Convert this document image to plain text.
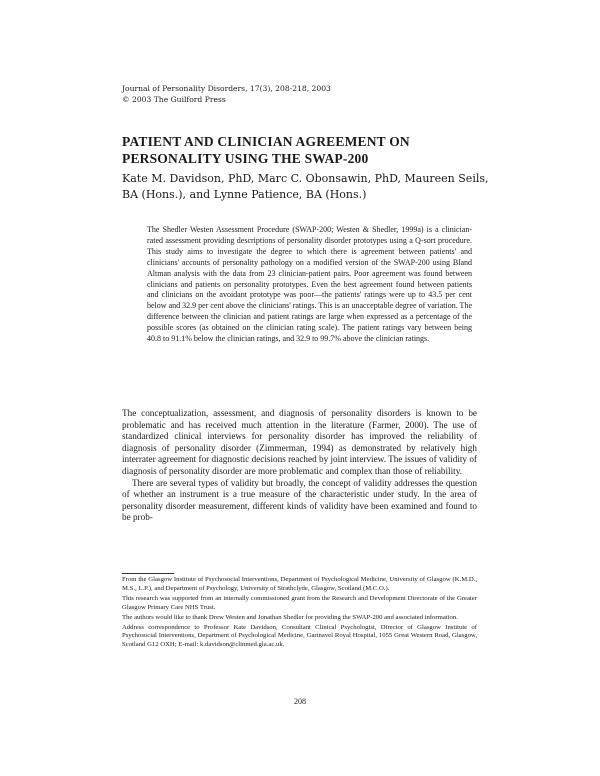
Journal of Personality Disorders, 17(3), 208-218, 2003
© 2003 The Guilford Press
PATIENT AND CLINICIAN AGREEMENT ON PERSONALITY USING THE SWAP-200
Kate M. Davidson, PhD, Marc C. Obonsawin, PhD, Maureen Seils, BA (Hons.), and Lynne Patience, BA (Hons.)
The Shedler Westen Assessment Procedure (SWAP-200; Westen & Shedler, 1999a) is a clinician-rated assessment providing descriptions of personality disorder prototypes using a Q-sort procedure. This study aims to investigate the degree to which there is agreement between patients' and clinicians' accounts of personality pathology on a modified version of the SWAP-200 using Bland Altman analysis with the data from 23 clinician-patient pairs. Poor agreement was found between clinicians and patients on personality prototypes. Even the best agreement found between patients and clinicians on the avoidant prototype was poor—the patients' ratings were up to 43.5 per cent below and 32.9 per cent above the clinicians' ratings. This is an unacceptable degree of variation. The difference between the clinician and patient ratings are large when expressed as a percentage of the possible scores (as obtained on the clinician rating scale). The patient ratings vary between being 40.8 to 91.1% below the clinician ratings, and 32.9 to 99.7% above the clinician ratings.

The conceptualization, assessment, and diagnosis of personality disorders is known to be problematic and has received much attention in the literature (Farmer, 2000). The use of standardized clinical interviews for personality disorder has improved the reliability of diagnosis of personality disorder (Zimmerman, 1994) as demonstrated by relatively high interrater agreement for diagnostic decisions reached by joint interview. The issues of validity of diagnosis of personality disorder are more problematic and complex than those of reliability.

There are several types of validity but broadly, the concept of validity addresses the question of whether an instrument is a true measure of the characteristic under study. In the area of personality disorder measurement, different kinds of validity have been examined and found to be prob-

From the Glasgow Institute of Psychosocial Interventions, Department of Psychological Medicine, University of Glasgow (K.M.D., M.S., L.P.), and Department of Psychology, University of Strathclyde, Glasgow, Scotland (M.C.O.).

This research was supported from an internally commissioned grant from the Research and Development Directorate of the Greater Glasgow Primary Care NHS Trust.

The authors would like to thank Drew Westen and Jonathan Shedler for providing the SWAP-200 and associated information.

Address correspondence to Professor Kate Davidson, Consultant Clinical Psychologist, Director of Glasgow Institute of Psychosocial Interventions, Department of Psychological Medicine, Gartnavel Royal Hospital, 1055 Great Western Road, Glasgow, Scotland G12 OXH; E-mail: k.davidson@clinmed.gla.ac.uk.

208
